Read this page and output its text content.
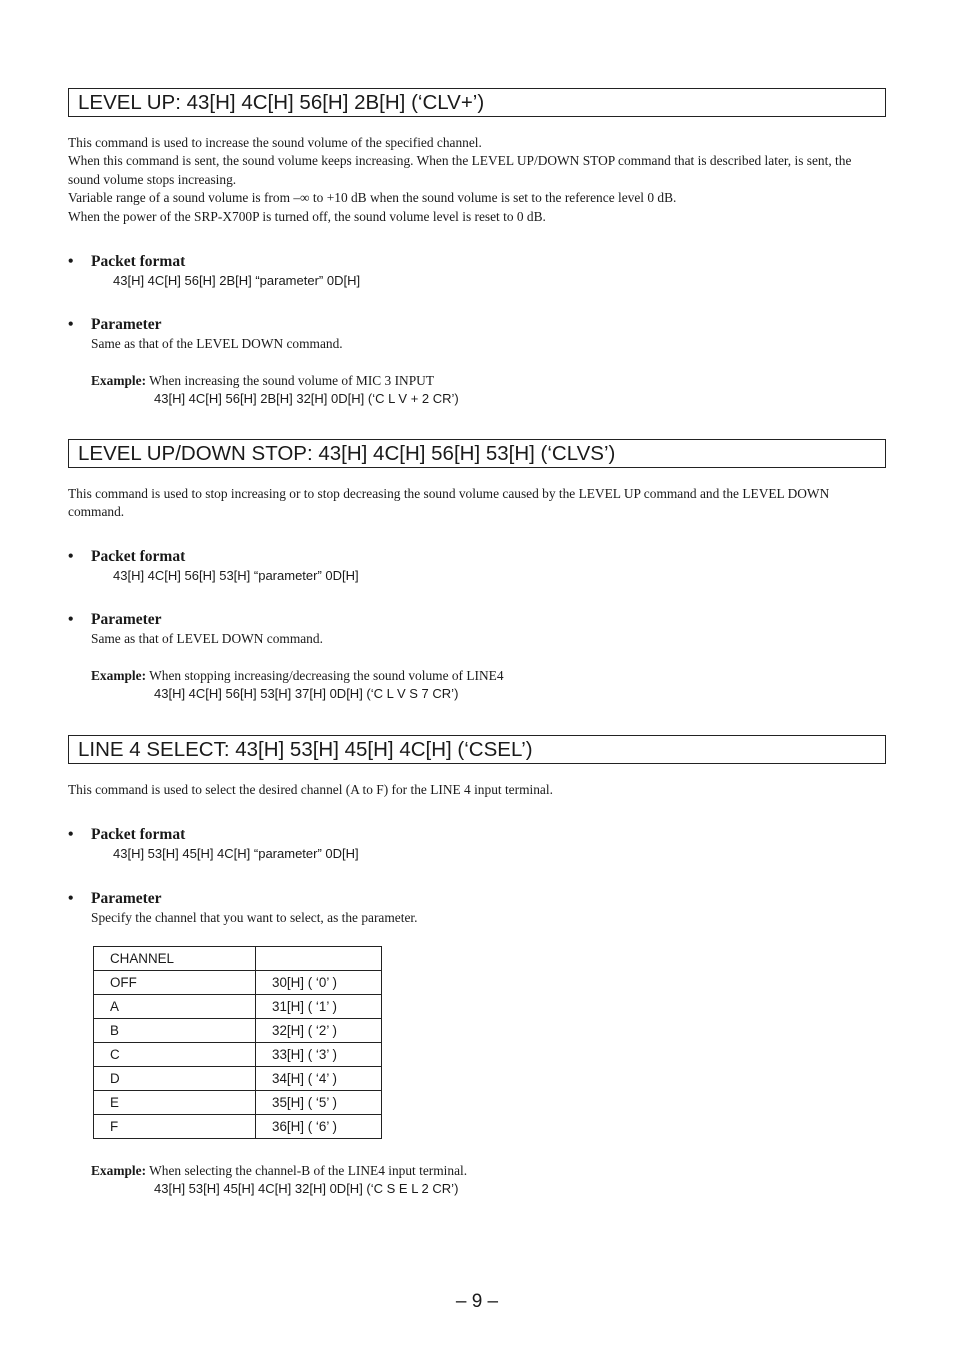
LEVEL UP: 43[H] 4C[H] 56[H] 2B[H] (‘CLV+’)

This command is used to increase the sound volume of the specified channel.

When this command is sent, the sound volume keeps increasing. When the LEVEL UP/DOWN STOP command that is described later, is sent, the sound volume stops increasing.

Variable range of a sound volume is from –∞ to +10 dB when the sound volume is set to the reference level 0 dB.

When the power of the SRP-X700P is turned off, the sound volume level is reset to 0 dB.

• Packet format
43[H] 4C[H] 56[H] 2B[H] “parameter” 0D[H]
• Parameter
Same as that of the LEVEL DOWN command.
Example: When increasing the sound volume of MIC 3 INPUT
43[H] 4C[H] 56[H] 2B[H] 32[H] 0D[H] (‘C L V + 2 CR’)
LEVEL UP/DOWN STOP: 43[H] 4C[H] 56[H] 53[H] (‘CLVS’)

This command is used to stop increasing or to stop decreasing the sound volume caused by the LEVEL UP command and the LEVEL DOWN command.

• Packet format
43[H] 4C[H] 56[H] 53[H] “parameter” 0D[H]
• Parameter
Same as that of LEVEL DOWN command.
Example: When stopping increasing/decreasing the sound volume of LINE4
43[H] 4C[H] 56[H] 53[H] 37[H] 0D[H] (‘C L V S 7 CR’)
LINE 4 SELECT: 43[H] 53[H] 45[H] 4C[H] (‘CSEL’)

This command is used to select the desired channel (A to F) for the LINE 4 input terminal.

• Packet format
43[H] 53[H] 45[H] 4C[H] “parameter” 0D[H]
• Parameter
Specify the channel that you want to select, as the parameter.
CHANNEL	
OFF	30[H] ( ‘0’ )
A	31[H] ( ‘1’ )
B	32[H] ( ‘2’ )
C	33[H] ( ‘3’ )
D	34[H] ( ‘4’ )
E	35[H] ( ‘5’ )
F	36[H] ( ‘6’ )
Example: When selecting the channel-B of the LINE4 input terminal.
43[H] 53[H] 45[H] 4C[H] 32[H] 0D[H] (‘C S E L 2 CR’)
– 9 –
